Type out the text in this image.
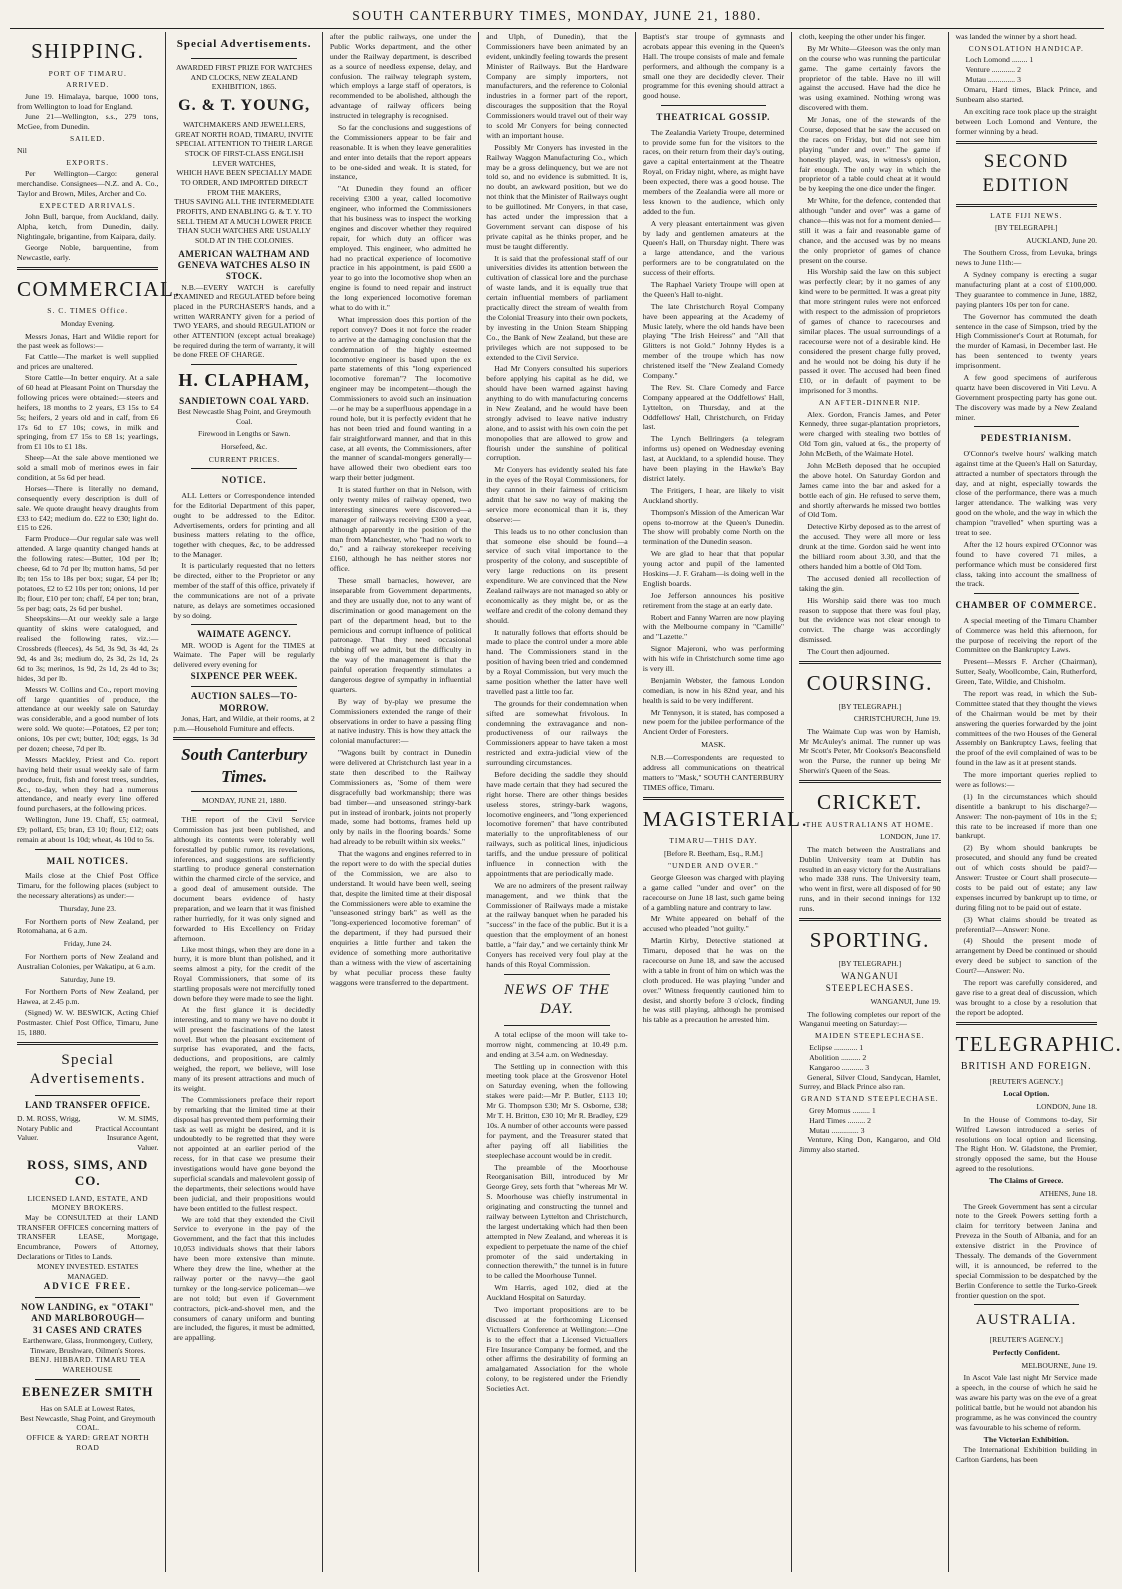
SOUTH CANTERBURY TIMES, MONDAY, JUNE 21, 1880.
SHIPPING.
PORT OF TIMARU.
ARRIVED.

June 19. Himalaya, barque, 1000 tons, from Wellington to load for England.

June 21—Wellington, s.s., 279 tons, McGee, from Dunedin.

SAILED.

Nil

EXPORTS.

Per Wellington—Cargo: general merchandise. Consignees—N.Z. and A. Co., Taylor and Brown, Miles, Archer and Co.

EXPECTED ARRIVALS.

John Bull, barque, from Auckland, daily. Alpha, ketch, from Dunedin, daily. Nightingale, brigantine, from Kaipara, daily.

George Noble, barquentine, from Newcastle, early.

COMMERCIAL.
S. C. TIMES Office.
Monday Evening.

Messrs Jonas, Hart and Wildie report for the past week as follows:—

Fat Cattle—The market is well supplied and prices are unaltered.

Store Cattle—In better enquiry. At a sale of 60 head at Pleasant Point on Thursday the following prices were obtained:—steers and heifers, 18 months to 2 years, £3 15s to £4 5s; heifers, 2 years old and in calf, from £6 17s 6d to £7 10s; cows, in milk and springing, from £7 15s to £8 1s; yearlings, from £1 10s to £1 18s.

Sheep—At the sale above mentioned we sold a small mob of merinos ewes in fair condition, at 5s 6d per head.

Horses—There is literally no demand, consequently every description is dull of sale. We quote draught heavy draughts from £33 to £42; medium do. £22 to £30; light do. £15 to £26.

Farm Produce—Our regular sale was well attended. A large quantity changed hands at the following rates:—Butter, 10d per lb; cheese, 6d to 7d per lb; mutton hams, 5d per lb; ten 15s to 18s per box; sugar, £4 per lb; potatoes, £2 to £2 10s per ton; onions, 1d per lb; flour, £10 per ton; chaff, £4 per ton; bran, 5s per bag; oats, 2s 6d per bushel.

Sheepskins—At our weekly sale a large quantity of skins were catalogued, and realised the following rates, viz.:—Crossbreds (fleeces), 4s 5d, 3s 9d, 3s 4d, 2s 9d, 4s and 3s; medium do, 2s 3d, 2s 1d, 2s 6d to 3s; merinos, 1s 9d, 2s 1d, 2s 4d to 3s; hides, 3d per lb.

Messrs W. Collins and Co., report moving off large quantities of produce, the attendance at our weekly sale on Saturday was considerable, and a good number of lots were sold. We quote:—Potatoes, £2 per ton; onions, 10s per cwt; butter, 10d; eggs, 1s 3d per dozen; cheese, 7d per lb.

Messrs Mackley, Priest and Co. report having held their usual weekly sale of farm produce, fruit, fish and forest trees, sundries, &c., to-day, when they had a numerous attendance, and nearly every line offered found purchasers, at the following prices.

Wellington, June 19. Chaff, £5; oatmeal, £9; pollard, £5; bran, £3 10; flour, £12; oats remain at about 1s 10d; wheat, 4s 10d to 5s.

MAIL NOTICES.

Mails close at the Chief Post Office Timaru, for the following places (subject to the necessary alterations) as under:—

Thursday, June 23.

For Northern ports of New Zealand, per Rotomahana, at 6 a.m.

Friday, June 24.

For Northern ports of New Zealand and Australian Colonies, per Wakatipu, at 6 a.m.

Saturday, June 19.

For Northern Ports of New Zealand, per Hawea, at 2.45 p.m.

(Signed) W. W. BESWICK, Acting Chief Postmaster. Chief Post Office, Timaru, June 15, 1880.

Special Advertisements.
LAND TRANSFER OFFICE.
D. M. ROSS, Wrigg, Notary Public and Valuer.
W. M. SIMS, Practical Accountant Insurance Agent, Valuer.
ROSS, SIMS, AND CO.
LICENSED LAND, ESTATE, AND MONEY BROKERS.

May be CONSULTED at their LAND TRANSFER OFFICES concerning matters of TRANSFER LEASE, Mortgage, Encumbrance, Powers of Attorney, Declarations or Titles to Lands.

MONEY INVESTED. ESTATES MANAGED.
ADVICE FREE.
NOW LANDING, ex "OTAKI" AND MARLBOROUGH—
31 CASES AND CRATES
Earthenware, Glass, Ironmongery, Cutlery, Tinware, Brushware, Oilmen's Stores.
BENJ. HIBBARD. TIMARU TEA WAREHOUSE
EBENEZER SMITH
Has on SALE at Lowest Rates,
Best Newcastle, Shag Point, and Greymouth COAL.
OFFICE & YARD: GREAT NORTH ROAD
Special Advertisements.
AWARDED FIRST PRIZE FOR WATCHES AND CLOCKS, NEW ZEALAND EXHIBITION, 1865.
G. & T. YOUNG,
WATCHMAKERS AND JEWELLERS, GREAT NORTH ROAD, TIMARU, INVITE SPECIAL ATTENTION TO THEIR LARGE STOCK OF FIRST-CLASS ENGLISH LEVER WATCHES,
WHICH HAVE BEEN SPECIALLY MADE TO ORDER, AND IMPORTED DIRECT FROM THE MAKERS,
THUS SAVING ALL THE INTERMEDIATE PROFITS, AND ENABLING G. & T. Y. TO SELL THEM AT A MUCH LOWER PRICE
THAN SUCH WATCHES ARE USUALLY SOLD AT IN THE COLONIES.
AMERICAN WALTHAM AND GENEVA WATCHES ALSO IN STOCK.

N.B.—EVERY WATCH is carefully EXAMINED and REGULATED before being placed in the PURCHASER'S hands, and a written WARRANTY given for a period of TWO YEARS, and should REGULATION or other ATTENTION (except actual breakage) be required during the term of warranty, it will be done FREE OF CHARGE.

H. CLAPHAM,
SANDIETOWN COAL YARD.
Best Newcastle Shag Point, and Greymouth Coal.
Firewood in Lengths or Sawn.
Horsefeed, &c.
CURRENT PRICES.
NOTICE.

ALL Letters or Correspondence intended for the Editorial Department of this paper, ought to be addressed to the Editor. Advertisements, orders for printing and all business matters relating to the office, together with cheques, &c, to be addressed to the Manager.

It is particularly requested that no letters be directed, either to the Proprietor or any member of the staff of this office, privately if the communications are not of a private nature, as delays are sometimes occasioned by so doing.

WAIMATE AGENCY.

MR. WOOD is Agent for the TIMES at Waimate. The Paper will be regularly delivered every evening for

SIXPENCE PER WEEK.
AUCTION SALES—TO-MORROW.

Jonas, Hart, and Wildie, at their rooms, at 2 p.m.—Household Furniture and effects.

South Canterbury Times.
MONDAY, JUNE 21, 1880.

THE report of the Civil Service Commission has just been published, and although its contents were tolerably well forestalled by public rumor, its revelations, inferences, and suggestions are sufficiently startling to produce general consternation within the charmed circle of the service, and a good deal of amusement outside. The document bears evidence of hasty preparation, and we learn that it was finished rather hurriedly, for it was only signed and forwarded to His Excellency on Friday afternoon.

Like most things, when they are done in a hurry, it is more blunt than polished, and it seems almost a pity, for the credit of the Royal Commissioners, that some of its startling proposals were not mercifully toned down before they were made to see the light.

At the first glance it is decidedly interesting, and to many we have no doubt it will present the fascinations of the latest novel. But when the pleasant excitement of surprise has evaporated, and the facts, deductions, and propositions, are calmly weighed, the report, we believe, will lose many of its present attractions and much of its weight.

The Commissioners preface their report by remarking that the limited time at their disposal has prevented them performing their task as well as might be desired, and it is undoubtedly to be regretted that they were not appointed at an earlier period of the recess, for in that case we presume their investigations would have gone beyond the superficial scandals and malevolent gossip of the departments, their selections would have been judicial, and their propositions would have been entitled to the fullest respect.

We are told that they extended the Civil Service to everyone in the pay of the Government, and the fact that this includes 10,053 individuals shows that their labors have been more extensive than minute. Where they drew the line, whether at the railway porter or the navvy—the gaol turnkey or the long-service policeman—we are not told; but even if Government contractors, pick-and-shovel men, and the consumers of canary uniform and bunting are included, the figures, it must be admitted, are appalling.

after the public railways, one under the Public Works department, and the other under the Railway department, is described as a source of needless expense, delay, and confusion. The railway telegraph system, which employs a large staff of operators, is recommended to be abolished, although the advantage of railway officers being instructed in telegraphy is recognised.

So far the conclusions and suggestions of the Commissioners appear to be fair and reasonable. It is when they leave generalities and enter into details that the report appears to be one-sided and weak. It is stated, for instance,

"At Dunedin they found an officer receiving £300 a year, called locomotive engineer, who informed the Commissioners that his business was to inspect the working engines and discover whether they required repair, for which duty an officer was employed. This engineer, who admitted he had no practical experience of locomotive practice in his appointment, is paid £600 a year to go into the locomotive shop when an engine is found to need repair and instruct the long experienced locomotive foreman what to do with it."

What impression does this portion of the report convey? Does it not force the reader to arrive at the damaging conclusion that the condemnation of the highly esteemed locomotive engineer is based upon the ex parte statements of this "long experienced locomotive foreman"? The locomotive engineer may be incompetent—though the Commissioners to avoid such an insinuation—or he may be a superfluous appendage in a round hole, but it is perfectly evident that he has not been tried and found wanting in a fair straightforward manner, and that in this case, at all events, the Commissioners, after the manner of scandal-mongers generally—have allowed their two obedient ears too warp their better judgment.

It is stated further on that in Nelson, with only twenty miles of railway opened, two interesting sinecures were discovered—a manager of railways receiving £300 a year, although apparently in the position of the man from Manchester, who "had no work to do," and a railway storekeeper receiving £160, although he has neither stores nor office.

These small barnacles, however, are inseparable from Government departments, and they are usually due, not to any want of discrimination or good management on the part of the department head, but to the pernicious and corrupt influence of political patronage. That they need occasional rubbing off we admit, but the difficulty in the way of the management is that the painful operation frequently stimulates a dangerous degree of sympathy in influential quarters.

By way of by-play we presume the Commissioners extended the range of their observations in order to have a passing fling at native industry. This is how they attack the colonial manufacturer:—

"Wagons built by contract in Dunedin were delivered at Christchurch last year in a state then described to the Railway Commissioners as, 'Some of them were disgracefully bad workmanship; there was bad timber—and unseasoned stringy-bark put in instead of ironbark, joints not properly made, some had bottoms, frames held up only by nails in the flooring boards.' Some had already to be rebuilt within six weeks."

That the wagons and engines referred to in the report were to do with the special duties of the Commission, we are also to understand. It would have been well, seeing that, despite the limited time at their disposal the Commissioners were able to examine the "unseasoned stringy bark" as well as the "long-experienced locomotive foreman" of the department, if they had pursued their enquiries a little further and taken the evidence of something more authoritative than a witness with the view of ascertaining by what peculiar process these faulty waggons were transferred to the department.

and Ulph, of Dunedin), that the Commissioners have been animated by an evident, unkindly feeling towards the present Minister of Railways. But the Hardware Company are simply importers, not manufacturers, and the reference to Colonial industries in a former part of the report, discourages the supposition that the Royal Commissioners would travel out of their way to scold Mr Conyers for being connected with an important house.

Possibly Mr Conyers has invested in the Railway Waggon Manufacturing Co., which may be a gross delinquency, but we are not told so, and no evidence is submitted. It is, no doubt, an awkward position, but we do not think that the Minister of Railways ought to be guillotined. Mr Conyers, in that case, has acted under the impression that a Government servant can dispose of his private capital as he thinks proper, and he must be taught differently.

It is said that the professional staff of our universities divides its attention between the cultivation of classical lore and the purchase of waste lands, and it is equally true that certain influential members of parliament practically direct the stream of wealth from the Colonial Treasury into their own pockets, by investing in the Union Steam Shipping Co., the Bank of New Zealand, but these are privileges which are not supposed to be extended to the Civil Service.

Had Mr Conyers consulted his superiors before applying his capital as he did, we should have been warned against having anything to do with manufacturing concerns in New Zealand, and he would have been strongly advised to leave native industry alone, and to assist with his own coin the pet monopolies that are allowed to grow and flourish under the sunshine of political corruption.

Mr Conyers has evidently sealed his fate in the eyes of the Royal Commissioners, for they cannot in their fairness of criticism admit that he saw no way of making the service more economical than it is, they observe:—

This leads us to no other conclusion than that someone else should be found—a service of such vital importance to the prosperity of the colony, and susceptible of very large reductions on its present expenditure. We are convinced that the New Zealand railways are not managed so ably or economically as they might be, or as the welfare and credit of the colony demand they should.

It naturally follows that efforts should be made to place the control under a more able hand. The Commissioners stand in the position of having been tried and condemned by a Royal Commission, but very much the same position whether the latter have well travelled past a little too far.

The grounds for their condemnation when sifted are somewhat frivolous. In condemning the extravagance and non-productiveness of our railways the Commissioners appear to have taken a most restricted and extra-judicial view of the surrounding circumstances.

Before deciding the saddle they should have made certain that they had secured the right horse. There are other things besides useless stores, stringy-bark wagons, locomotive engineers, and "long experienced locomotive foremen" that have contributed materially to the unprofitableness of our railways, such as political lines, injudicious tariffs, and the undue pressure of political influence in connection with the appointments that are periodically made.

We are no admirers of the present railway management, and we think that the Commissioner of Railways made a mistake at the railway banquet when he paraded his "success" in the face of the public. But it is a question that the employment of an honest battle, a "fair day," and we certainly think Mr Conyers has received very foul play at the hands of this Royal Commission.

NEWS OF THE DAY.

A total eclipse of the moon will take to-morrow night, commencing at 10.49 p.m. and ending at 3.54 a.m. on Wednesday.

The Settling up in connection with this meeting took place at the Grosvenor Hotel on Saturday evening, when the following stakes were paid:—Mr P. Butler, £113 10; Mr G. Thompson £30; Mr S. Osborne, £38; Mr T. H. Britton, £30 10; Mr R. Bradley, £29 10s. A number of other accounts were passed for payment, and the Treasurer stated that after paying off all liabilities the steeplechase account would be in credit.

The preamble of the Moorhouse Reorganisation Bill, introduced by Mr George Grey, sets forth that "whereas Mr W. S. Moorhouse was chiefly instrumental in originating and constructing the tunnel and railway between Lyttelton and Christchurch, the largest undertaking which had then been attempted in New Zealand, and whereas it is expedient to perpetuate the name of the chief promoter of the said undertaking in connection therewith," the tunnel is in future to be called the Moorhouse Tunnel.

Wm Harris, aged 102, died at the Auckland Hospital on Saturday.

Two important propositions are to be discussed at the forthcoming Licensed Victuallers Conference at Wellington:—One is to the effect that a Licensed Victuallers Fire Insurance Company be formed, and the other affirms the desirability of forming an amalgamated Association for the whole colony, to be registered under the Friendly Societies Act.

Baptist's star troupe of gymnasts and acrobats appear this evening in the Queen's Hall. The troupe consists of male and female performers, and although the company is a small one they are decidedly clever. Their programme for this evening should attract a good house.

THEATRICAL GOSSIP.

The Zealandia Variety Troupe, determined to provide some fun for the visitors to the races, on their return from their day's outing, gave a capital entertainment at the Theatre Royal, on Friday night, where, as might have been expected, there was a good house. The members of the Zealandia were all more or less known to the audience, which only added to the fun.

A very pleasant entertainment was given by lady and gentlemen amateurs at the Queen's Hall, on Thursday night. There was a large attendance, and the various performers are to be congratulated on the success of their efforts.

The Raphael Variety Troupe will open at the Queen's Hall to-night.

The late Christchurch Royal Company have been appearing at the Academy of Music lately, where the old hands have been playing "The Irish Heiress" and "All that Glitters is not Gold." Johnny Hydes is a member of the troupe which has now christened itself the "New Zealand Comedy Company."

The Rev. St. Clare Comedy and Farce Company appeared at the Oddfellows' Hall, Lyttelton, on Thursday, and at the Oddfellows' Hall, Christchurch, on Friday last.

The Lynch Bellringers (a telegram informs us) opened on Wednesday evening last, at Auckland, to a splendid house. They have been playing in the Hawke's Bay district lately.

The Fritigers, I hear, are likely to visit Auckland shortly.

Thompson's Mission of the American War opens to-morrow at the Queen's Dunedin. The show will probably come North on the termination of the Dunedin season.

We are glad to hear that that popular young actor and pupil of the lamented Hoskins—J. F. Graham—is doing well in the English boards.

Joe Jefferson announces his positive retirement from the stage at an early date.

Robert and Fanny Warren are now playing with the Melbourne company in "Camille" and "Lazette."

Signor Majeroni, who was performing with his wife in Christchurch some time ago is very ill.

Benjamin Webster, the famous London comedian, is now in his 82nd year, and his health is said to be very indifferent.

Mr Tennyson, it is stated, has composed a new poem for the jubilee performance of the Ancient Order of Foresters.

MASK.

N.B.—Correspondents are requested to address all communications on theatrical matters to "Mask," SOUTH CANTERBURY TIMES office, Timaru.

MAGISTERIAL.
TIMARU—THIS DAY.
[Before R. Beetham, Esq., R.M.]
"UNDER AND OVER."

George Gleeson was charged with playing a game called "under and over" on the racecourse on June 18 last, such game being of a gambling nature and contrary to law.

Mr White appeared on behalf of the accused who pleaded "not guilty."

Martin Kirby, Detective stationed at Timaru, deposed that he was on the racecourse on June 18, and saw the accused with a table in front of him on which was the cloth produced. He was playing "under and over." Witness frequently cautioned him to desist, and shortly before 3 o'clock, finding he was still playing, although he promised his table as a precaution he arrested him.

cloth, keeping the other under his finger.

By Mr White—Gleeson was the only man on the course who was running the particular game. The game certainly favors the proprietor of the table. Have no ill will against the accused. Have had the dice he was using examined. Nothing wrong was discovered with them.

Mr Jonas, one of the stewards of the Course, deposed that he saw the accused on the races on Friday, but did not see him playing "under and over." The game if honestly played, was, in witness's opinion, fair enough. The only way in which the proprietor of a table could cheat at it would be by keeping the one dice under the finger.

Mr White, for the defence, contended that although "under and over" was a game of chance—this was not for a moment denied—still it was a fair and reasonable game of chance, and the accused was by no means the only proprietor of games of chance present on the course.

His Worship said the law on this subject was perfectly clear; by it no games of any kind were to be permitted. It was a great pity that more stringent rules were not enforced with respect to the admission of proprietors of games of chance to racecourses and similar places. The usual surroundings of a racecourse were not of a desirable kind. He considered the present charge fully proved, and he would not be doing his duty if he passed it over. The accused had been fined £10, or in default of payment to be imprisoned for 3 months.

AN AFTER-DINNER NIP.

Alex. Gordon, Francis James, and Peter Kennedy, three sugar-plantation proprietors, were charged with stealing two bottles of Old Tom gin, valued at 6s., the property of John McBeth, of the Waimate Hotel.

John McBeth deposed that he occupied the above hotel. On Saturday Gordon and James came into the bar and asked for a bottle each of gin. He refused to serve them, and shortly afterwards he missed two bottles of Old Tom.

Detective Kirby deposed as to the arrest of the accused. They were all more or less drunk at the time. Gordon said he went into the billiard room about 3.30, and that the others handed him a bottle of Old Tom.

The accused denied all recollection of taking the gin.

His Worship said there was too much reason to suppose that there was foul play, but the evidence was not clear enough to convict. The charge was accordingly dismissed.

The Court then adjourned.

COURSING.
[BY TELEGRAPH.]
CHRISTCHURCH, June 19.

The Waimate Cup was won by Hamish, Mr McAuley's animal. The runner up was Mr Scott's Peter, Mr Cookson's Beaconsfield won the Purse, the runner up being Mr Sherwin's Queen of the Seas.

CRICKET.
THE AUSTRALIANS AT HOME.
LONDON, June 17.

The match between the Australians and Dublin University team at Dublin has resulted in an easy victory for the Australians who made 338 runs. The University team, who went in first, were all disposed of for 90 runs, and in their second innings for 132 runs.

SPORTING.
[BY TELEGRAPH.]
WANGANUI STEEPLECHASES.
WANGANUI, June 19.

The following completes our report of the Wanganui meeting on Saturday:—

MAIDEN STEEPLECHASE.
Eclipse ............ 1
Abolition .......... 2
Kangaroo ........... 3

General, Silver Cloud, Sandycan, Hamlet, Surrey, and Black Prince also ran.

GRAND STAND STEEPLECHASE.
Grey Momus ......... 1
Hard Times ......... 2
Mutau .............. 3

Venture, King Don, Kangaroo, and Old Jimmy also started.

was landed the winner by a short head.

CONSOLATION HANDICAP.
Loch Lomond ........ 1
Venture ............ 2
Mutau .............. 3

Omaru, Hard times, Black Prince, and Sunbeam also started.

An exciting race took place up the straight between Loch Lomond and Venture, the former winning by a head.

SECOND EDITION
LATE FIJI NEWS.
[BY TELEGRAPH.]
AUCKLAND, June 20.

The Southern Cross, from Levuka, brings news to June 11th:—

A Sydney company is erecting a sugar manufacturing plant at a cost of £100,000. They guarantee to commence in June, 1882, paying planters 10s per ton for cane.

The Governor has commuted the death sentence in the case of Simpson, tried by the High Commissioner's Court at Rotumah, for the murder of Kamasi, in December last. He has been sentenced to twenty years imprisonment.

A few good specimens of auriferous quartz have been discovered in Viti Levu. A Government prospecting party has gone out. The discovery was made by a New Zealand miner.

PEDESTRIANISM.

O'Connor's twelve hours' walking match against time at the Queen's Hall on Saturday, attracted a number of spectators through the day, and at night, especially towards the close of the performance, there was a much larger attendance. The walking was very good on the whole, and the way in which the champion "travelled" when spurting was a treat to see.

After the 12 hours expired O'Connor was found to have covered 71 miles, a performance which must be considered first class, taking into account the smallness of the track.

CHAMBER OF COMMERCE.

A special meeting of the Timaru Chamber of Commerce was held this afternoon, for the purpose of receiving the report of the Committee on the Bankruptcy Laws.

Present—Messrs F. Archer (Chairman), Sutter, Sealy, Woollcombe, Cain, Rutherford, Green, Tate, Wildie, and Chisholm.

The report was read, in which the Sub-Committee stated that they thought the views of the Chairman would be met by their answering the queries forwarded by the joint committees of the two Houses of the General Assembly on Bankruptcy Laws, feeling that the proof of the evil complained of was to be found in the law as it at present stands.

The more important queries replied to were as follows:—

(1) In the circumstances which should disentitle a bankrupt to his discharge?—Answer: The non-payment of 10s in the £; this rate to be increased if more than one bankrupt.

(2) By whom should bankrupts be prosecuted, and should any fund be created out of which costs should be paid?—Answer: Trustee or Court shall prosecute—costs to be paid out of estate; any law expenses incurred by bankrupt up to time, or during filing not to be paid out of estate.

(3) What claims should be treated as preferential?—Answer: None.

(4) Should the present mode of arrangement by Deed be continued or should every deed be subject to sanction of the Court?—Answer: No.

The report was carefully considered, and gave rise to a great deal of discussion, which was brought to a close by a resolution that the report be adopted.

TELEGRAPHIC.
BRITISH AND FOREIGN.
[REUTER'S AGENCY.]
Local Option.
LONDON, June 18.

In the House of Commons to-day, Sir Wilfred Lawson introduced a series of resolutions on local option and licensing. The Right Hon. W. Gladstone, the Premier, strongly opposed the same, but the House agreed to the resolutions.

The Claims of Greece.
ATHENS, June 18.

The Greek Government has sent a circular note to the Greek Powers setting forth a claim for territory between Janina and Preveza in the South of Albania, and for an extensive district in the Province of Thessaly. The demands of the Government will, it is announced, be referred to the special Commission to be despatched by the Berlin Conference to settle the Turko-Greek frontier question on the spot.

AUSTRALIA.
[REUTER'S AGENCY.]
Perfectly Confident.
MELBOURNE, June 19.

In Ascot Vale last night Mr Service made a speech, in the course of which he said he was aware his party was on the eve of a great political battle, but he would not abandon his programme, as he was convinced the country was favourable to his scheme of reform.

The Victorian Exhibition.

The International Exhibition building in Carlton Gardens, has been
